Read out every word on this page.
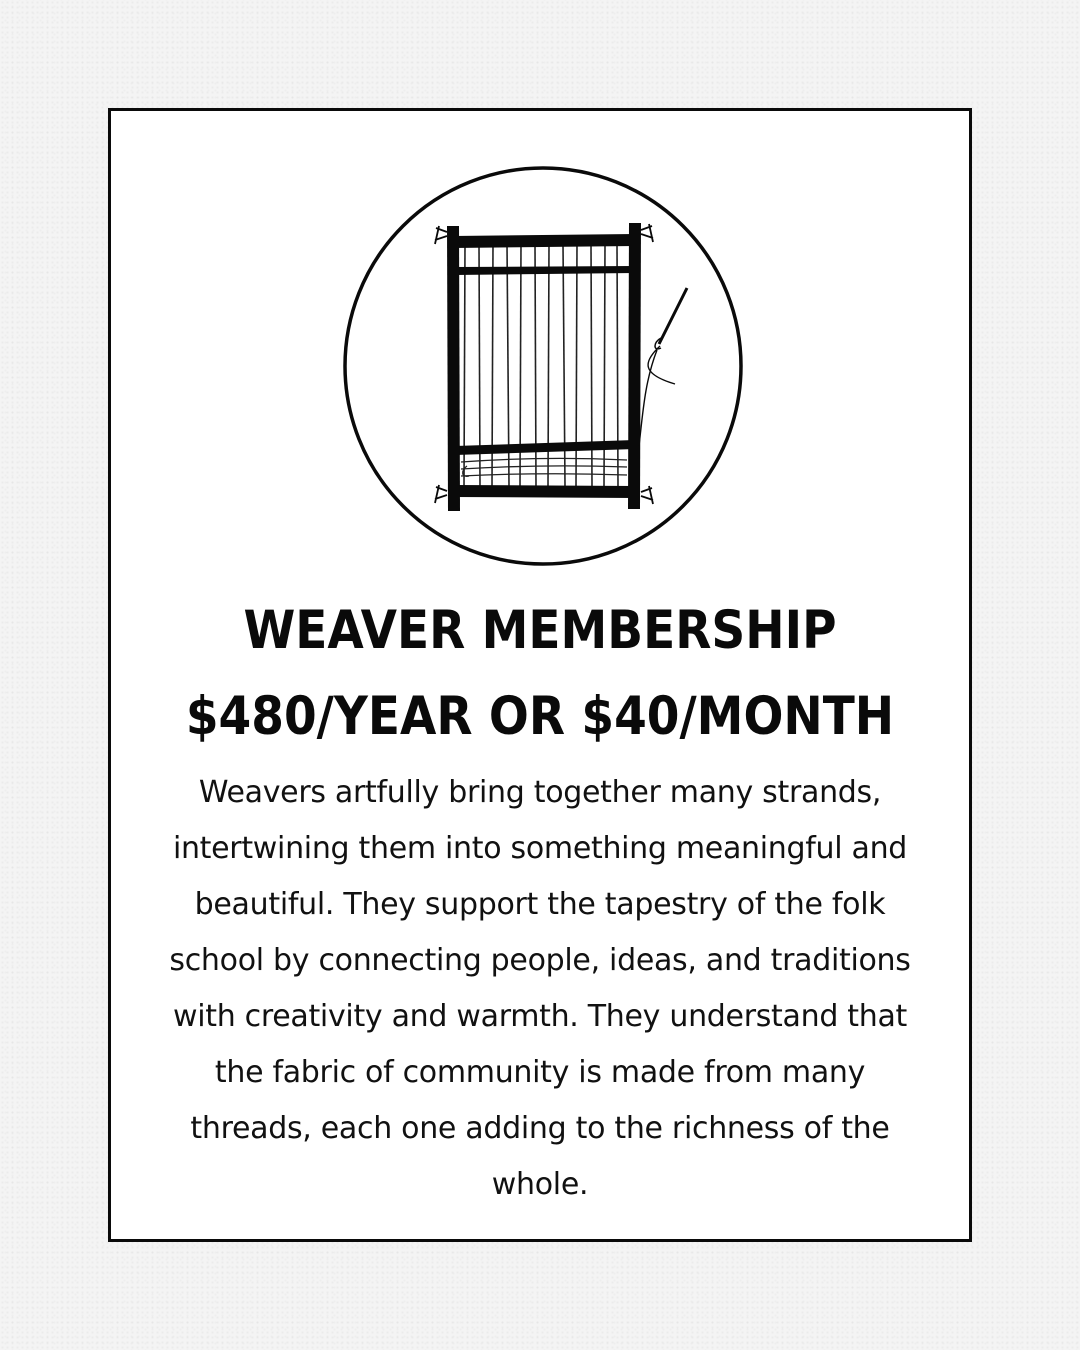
WEAVER MEMBERSHIP
$480/YEAR OR $40/MONTH

Weavers artfully bring together many strands, intertwining them into something meaningful and beautiful. They support the tapestry of the folk school by connecting people, ideas, and traditions with creativity and warmth. They understand that the fabric of community is made from many threads, each one adding to the richness of the whole.
